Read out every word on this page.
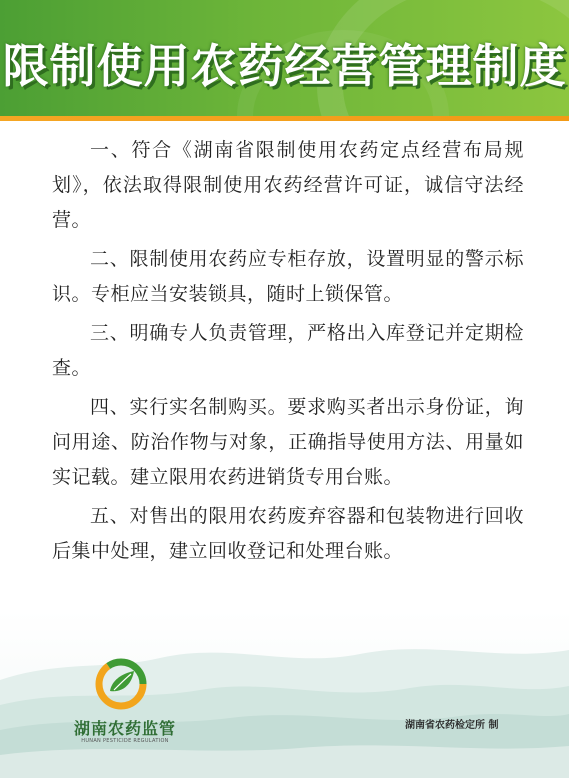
限制使用农药经营管理制度

一、符合《湖南省限制使用农药定点经营布局规划》，依法取得限制使用农药经营许可证，诚信守法经营。

二、限制使用农药应专柜存放，设置明显的警示标识。专柜应当安装锁具，随时上锁保管。

三、明确专人负责管理，严格出入库登记并定期检查。

四、实行实名制购买。要求购买者出示身份证，询问用途、防治作物与对象，正确指导使用方法、用量如实记载。建立限用农药进销货专用台账。

五、对售出的限用农药废弃容器和包装物进行回收后集中处理，建立回收登记和处理台账。

湖南农药监管
HUNAN PESTICIDE REGULATION
湖南省农药检定所 制
